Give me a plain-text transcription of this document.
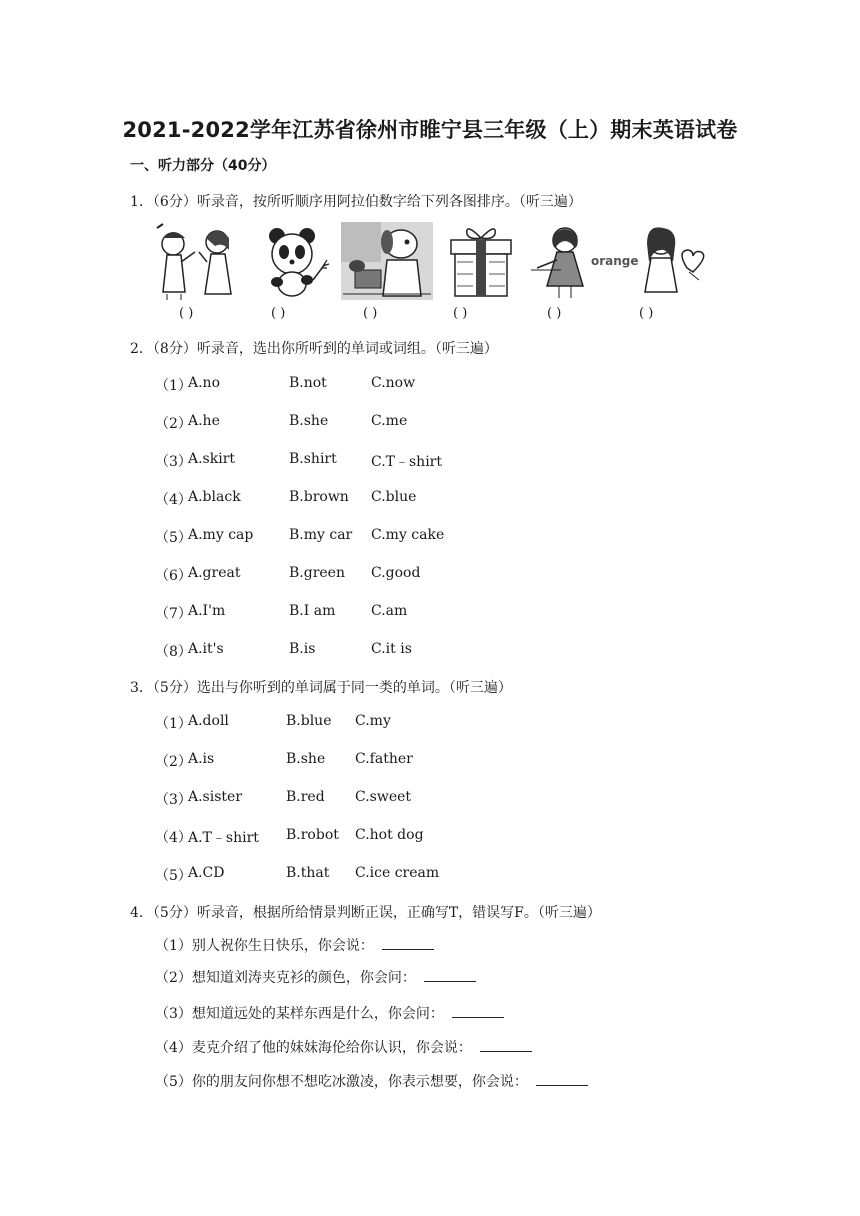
2021-2022学年江苏省徐州市睢宁县三年级（上）期末英语试卷
一、听力部分（40分）
1．（6分）听录音，按所听顺序用阿拉伯数字给下列各图排序。（听三遍）
orange
( )	( )	( )	( )	( )	( )
2．（8分）听录音，选出你所听到的单词或词组。（听三遍）
（1）
A.no	B.not	C.now
（2）
A.he	B.she	C.me
（3）
A.skirt	B.shirt C.T﹣shirt
（4）
A.black	B.brown C.blue
（5）
A.my cap	B.my car C.my cake
（6）
A.great	B.green C.good
（7）
A.I'm	B.I am	C.am
（8）
A.it's	B.is	C.it is
3．（5分）选出与你听到的单词属于同一类的单词。（听三遍）
（1）
A.doll	B.blue C.my
（2）
A.is	B.she C.father
（3）
A.sister	B.red C.sweet
（4）
A.T﹣shirt B.robot C.hot dog
（5）
A.CD	B.that C.ice cream
4．（5分）听录音，根据所给情景判断正误，正确写T，错误写F。（听三遍）
（1）别人祝你生日快乐，你会说：
（2）想知道刘涛夹克衫的颜色，你会问：
（3）想知道远处的某样东西是什么，你会问：
（4）麦克介绍了他的妹妹海伦给你认识，你会说：
（5）你的朋友问你想不想吃冰激凌，你表示想要，你会说：
